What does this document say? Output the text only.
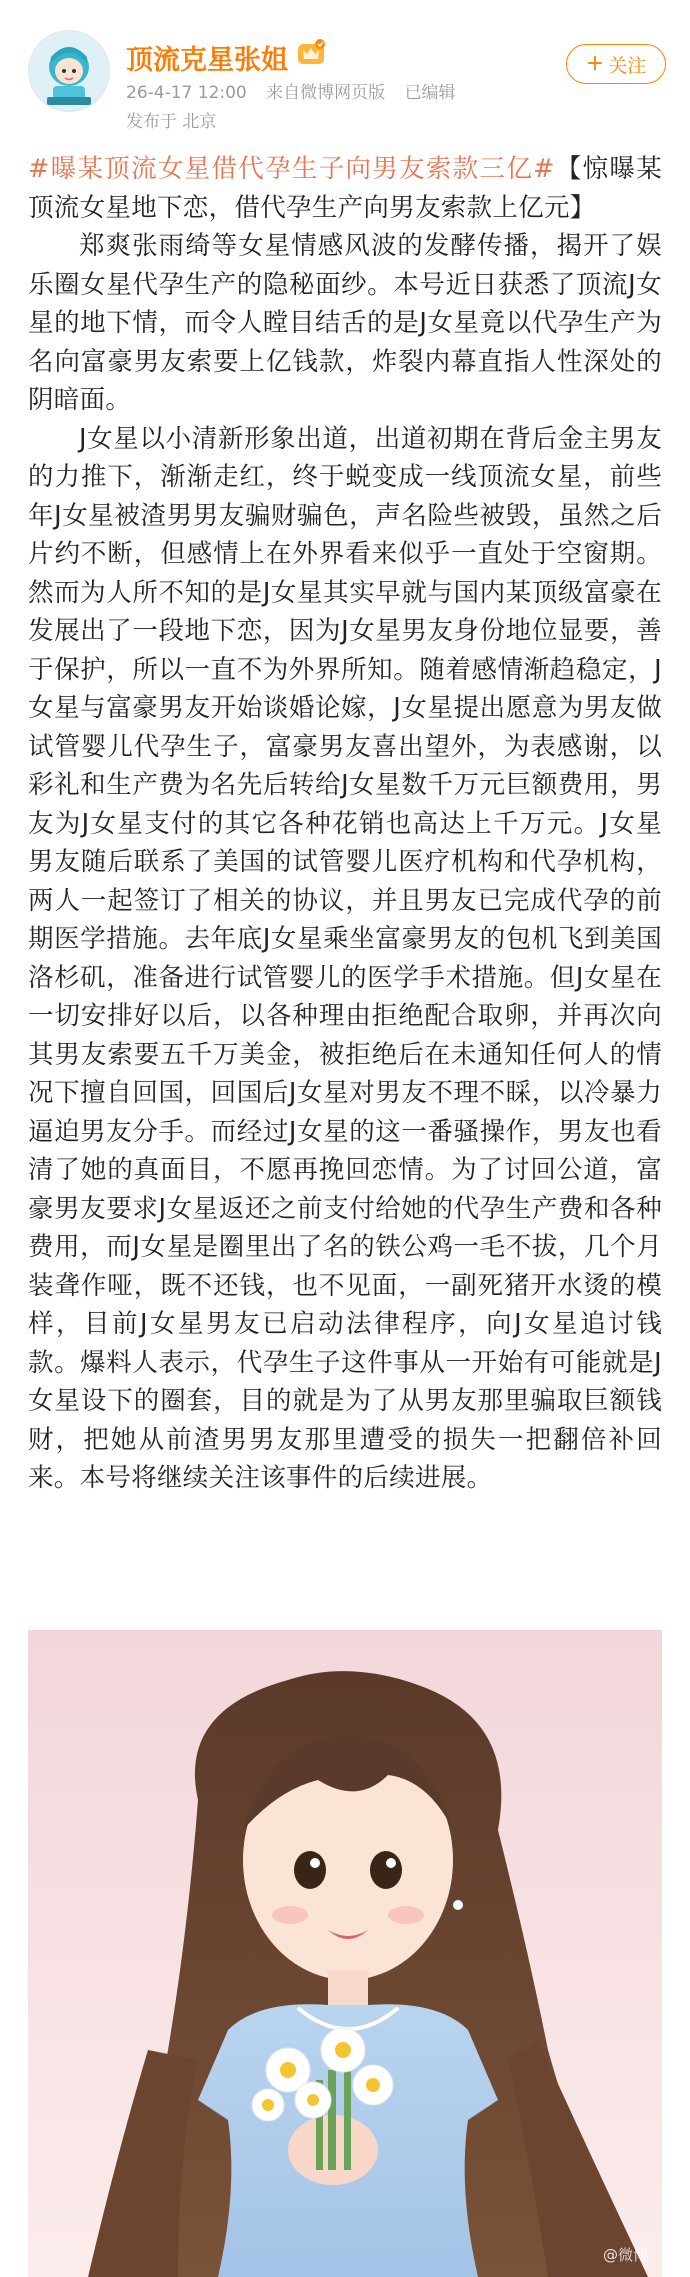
顶流克星张姐
26-4-17 12:00 来自微博网页版 已编辑
发布于 北京
+ 关注

#曝某顶流女星借代孕生子向男友索款三亿#【惊曝某顶流女星地下恋，借代孕生产向男友索款上亿元】

郑爽张雨绮等女星情感风波的发酵传播，揭开了娱乐圈女星代孕生产的隐秘面纱。本号近日获悉了顶流J女星的地下情，而令人瞠目结舌的是J女星竟以代孕生产为名向富豪男友索要上亿钱款，炸裂内幕直指人性深处的阴暗面。

J女星以小清新形象出道，出道初期在背后金主男友的力推下，渐渐走红，终于蜕变成一线顶流女星，前些年J女星被渣男男友骗财骗色，声名险些被毁，虽然之后片约不断，但感情上在外界看来似乎一直处于空窗期。然而为人所不知的是J女星其实早就与国内某顶级富豪在发展出了一段地下恋，因为J女星男友身份地位显要，善于保护，所以一直不为外界所知。随着感情渐趋稳定，J女星与富豪男友开始谈婚论嫁，J女星提出愿意为男友做试管婴儿代孕生子，富豪男友喜出望外，为表感谢，以彩礼和生产费为名先后转给J女星数千万元巨额费用，男友为J女星支付的其它各种花销也高达上千万元。J女星男友随后联系了美国的试管婴儿医疗机构和代孕机构，两人一起签订了相关的协议，并且男友已完成代孕的前期医学措施。去年底J女星乘坐富豪男友的包机飞到美国洛杉矶，准备进行试管婴儿的医学手术措施。但J女星在一切安排好以后，以各种理由拒绝配合取卵，并再次向其男友索要五千万美金，被拒绝后在未通知任何人的情况下擅自回国，回国后J女星对男友不理不睬，以冷暴力逼迫男友分手。而经过J女星的这一番骚操作，男友也看清了她的真面目，不愿再挽回恋情。为了讨回公道，富豪男友要求J女星返还之前支付给她的代孕生产费和各种费用，而J女星是圈里出了名的铁公鸡一毛不拔，几个月装聋作哑，既不还钱，也不见面，一副死猪开水烫的模样，目前J女星男友已启动法律程序，向J女星追讨钱款。爆料人表示，代孕生子这件事从一开始有可能就是J女星设下的圈套，目的就是为了从男友那里骗取巨额钱财，把她从前渣男男友那里遭受的损失一把翻倍补回来。本号将继续关注该事件的后续进展。

@微博
